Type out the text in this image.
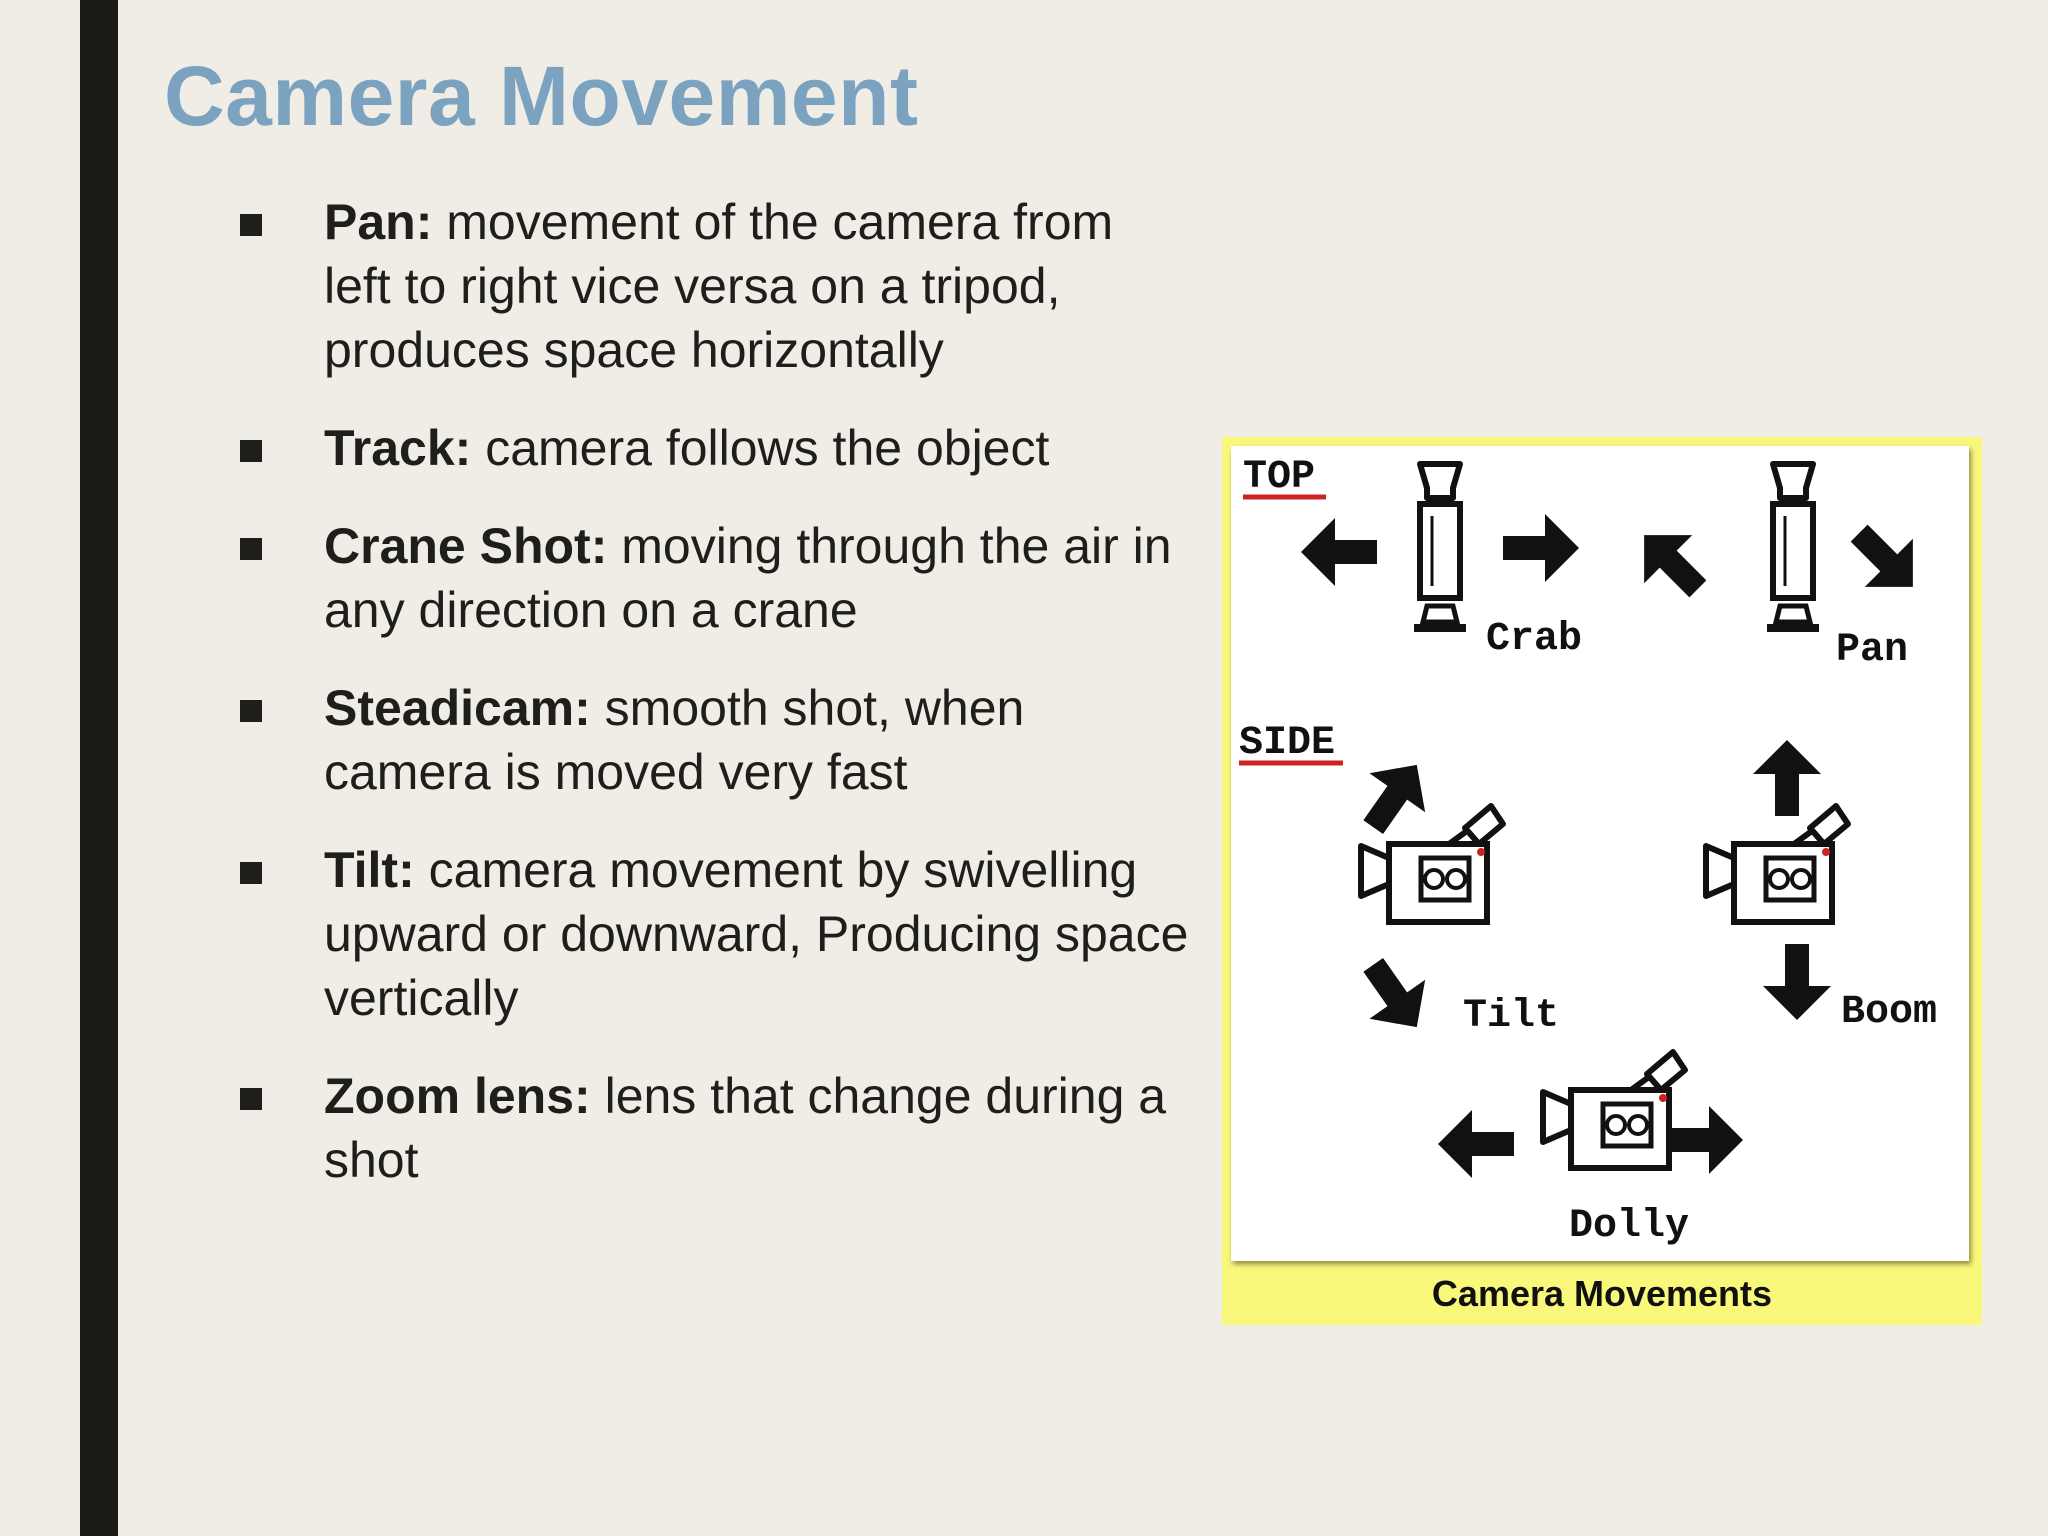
Camera Movement
Pan: movement of the camera from left to right vice versa on a tripod, produces space horizontally
Track: camera follows the object
Crane Shot: moving through the air in any direction on a crane
Steadicam: smooth shot, when camera is moved very fast
Tilt: camera movement by swivelling upward or downward, Producing space vertically
Zoom lens: lens that change during a shot
TOP
Crab	Pan
SIDE
Tilt	Boom
Dolly
Camera Movements
